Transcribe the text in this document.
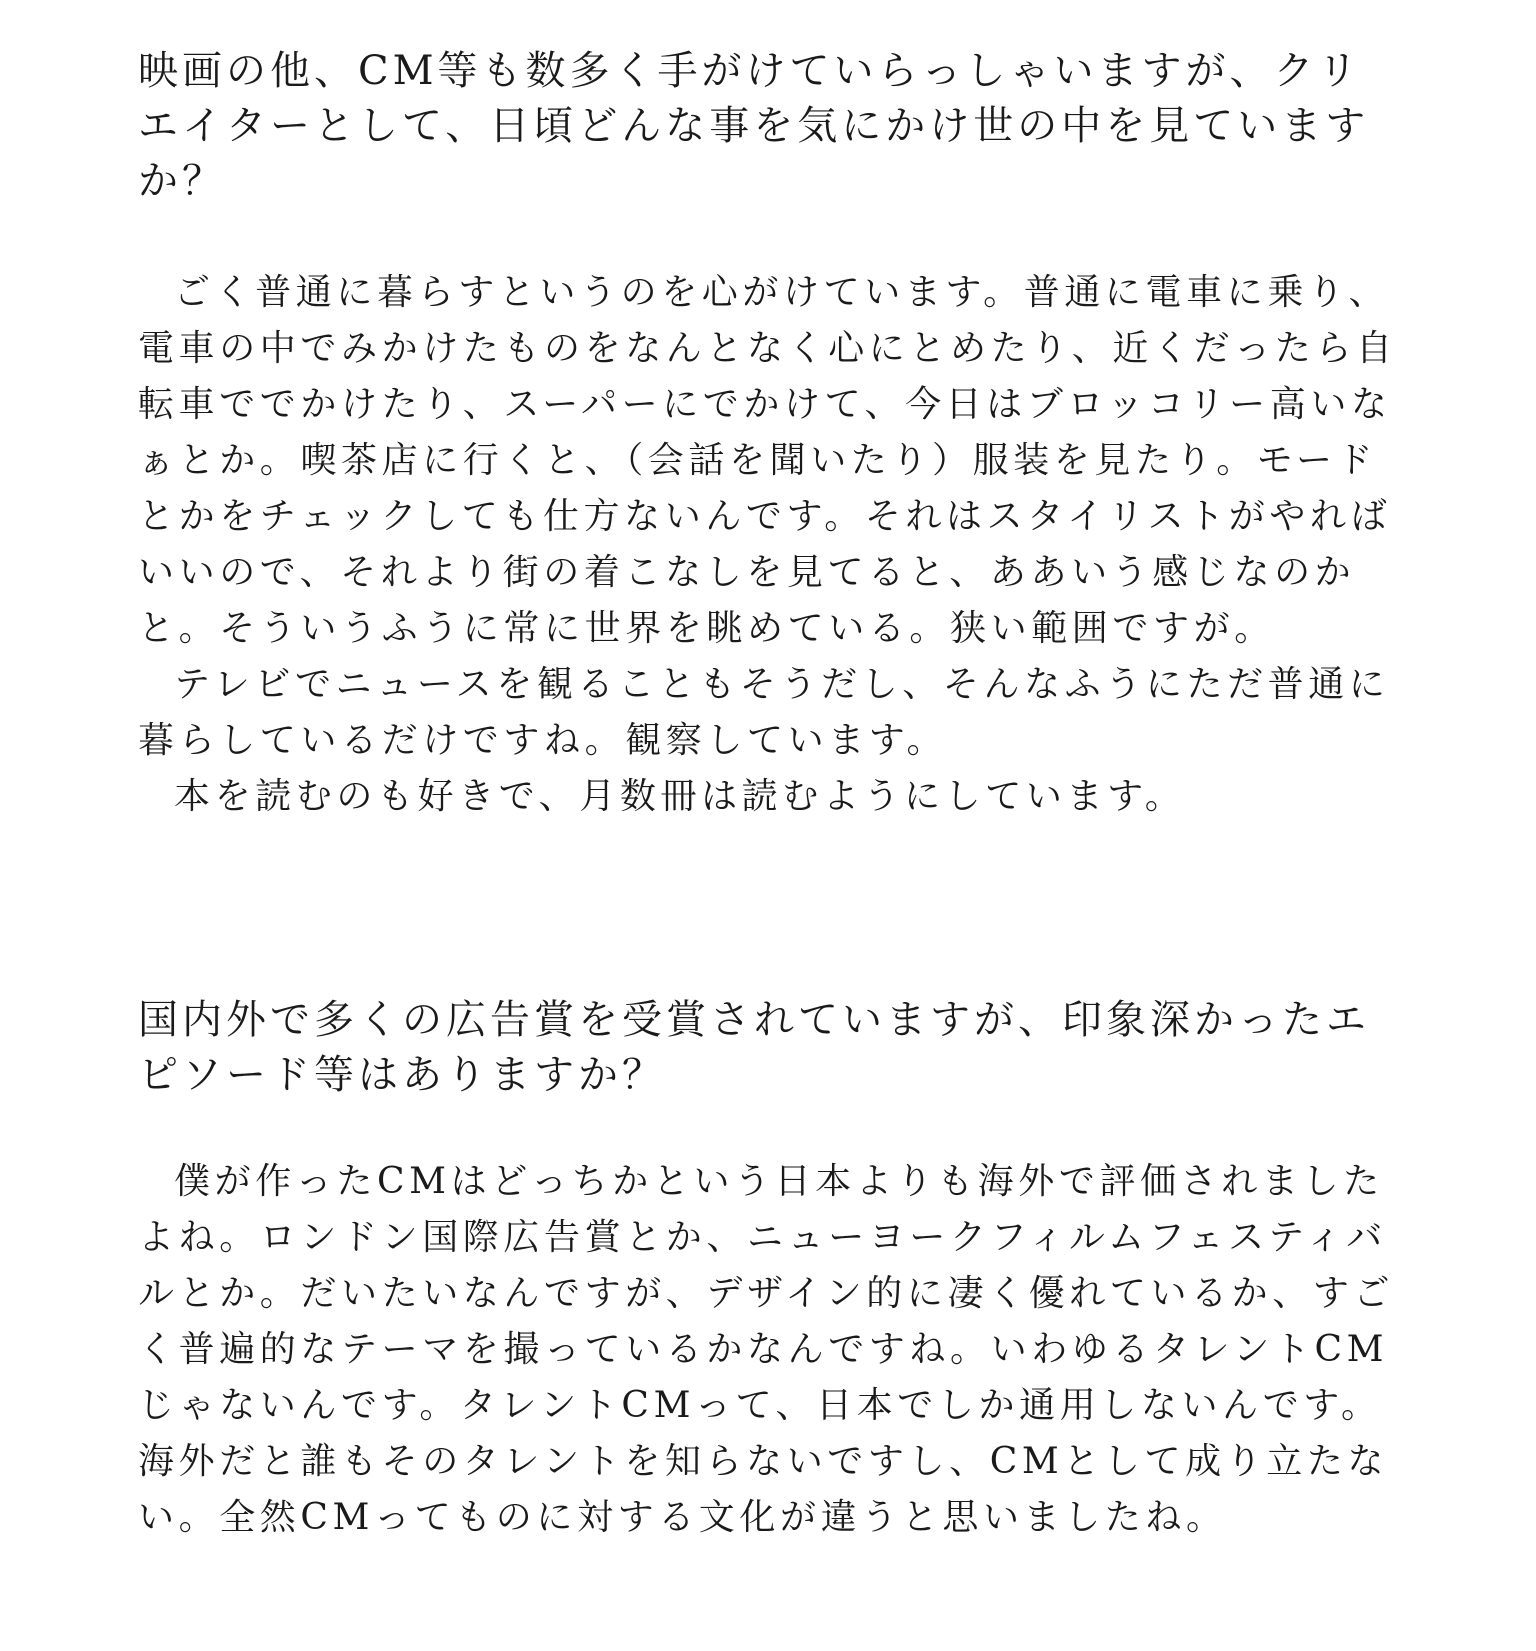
映画の他、CM等も数多く手がけていらっしゃいますが、クリエイターとして、日頃どんな事を気にかけ世の中を見ていますか？

ごく普通に暮らすというのを心がけています。普通に電車に乗り、電車の中でみかけたものをなんとなく心にとめたり、近くだったら自転車ででかけたり、スーパーにでかけて、今日はブロッコリー高いなぁとか。喫茶店に行くと、（会話を聞いたり）服装を見たり。モードとかをチェックしても仕方ないんです。それはスタイリストがやればいいので、それより街の着こなしを見てると、ああいう感じなのかと。そういうふうに常に世界を眺めている。狭い範囲ですが。

テレビでニュースを観ることもそうだし、そんなふうにただ普通に暮らしているだけですね。観察しています。

本を読むのも好きで、月数冊は読むようにしています。

国内外で多くの広告賞を受賞されていますが、印象深かったエピソード等はありますか？

僕が作ったCMはどっちかという日本よりも海外で評価されましたよね。ロンドン国際広告賞とか、ニューヨークフィルムフェスティバルとか。だいたいなんですが、デザイン的に凄く優れているか、すごく普遍的なテーマを撮っているかなんですね。いわゆるタレントCMじゃないんです。タレントCMって、日本でしか通用しないんです。海外だと誰もそのタレントを知らないですし、CMとして成り立たない。全然CMってものに対する文化が違うと思いましたね。
